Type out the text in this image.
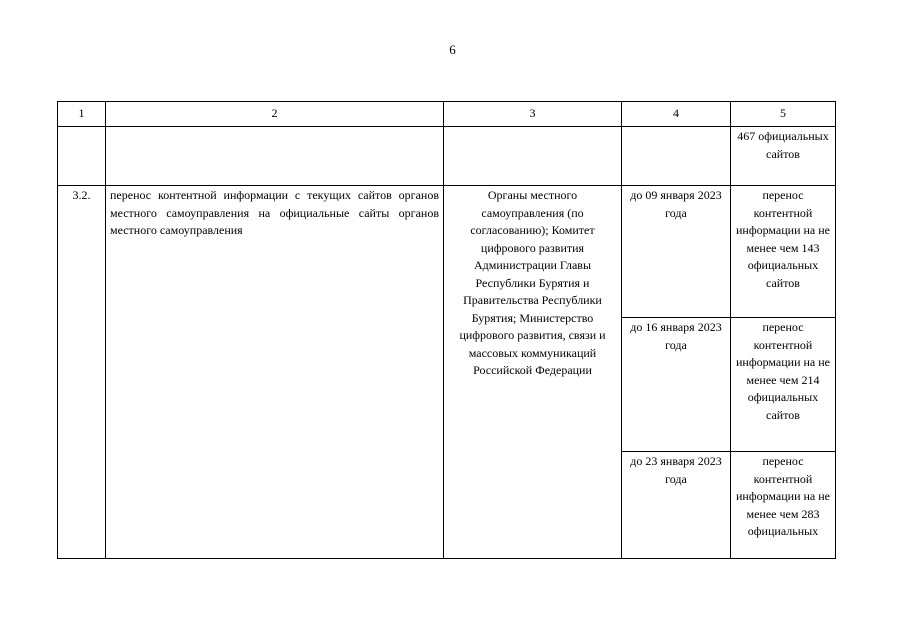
6
1	2	3	4	5

				467 официальных сайтов

3.2.	перенос контентной информации с текущих сайтов органов местного самоуправления на официальные сайты органов местного самоуправления	Органы местного самоуправления (по согласованию); Комитет цифрового развития Администрации Главы Республики Бурятия и Правительства Республики Бурятия; Министерство цифрового развития, связи и массовых коммуникаций Российской Федерации	до 09 января 2023 года	перенос контентной информации на не менее чем 143 официальных сайтов

			до 16 января 2023 года	перенос контентной информации на не менее чем 214 официальных сайтов

			до 23 января 2023 года	перенос контентной информации на не менее чем 283 официальных
